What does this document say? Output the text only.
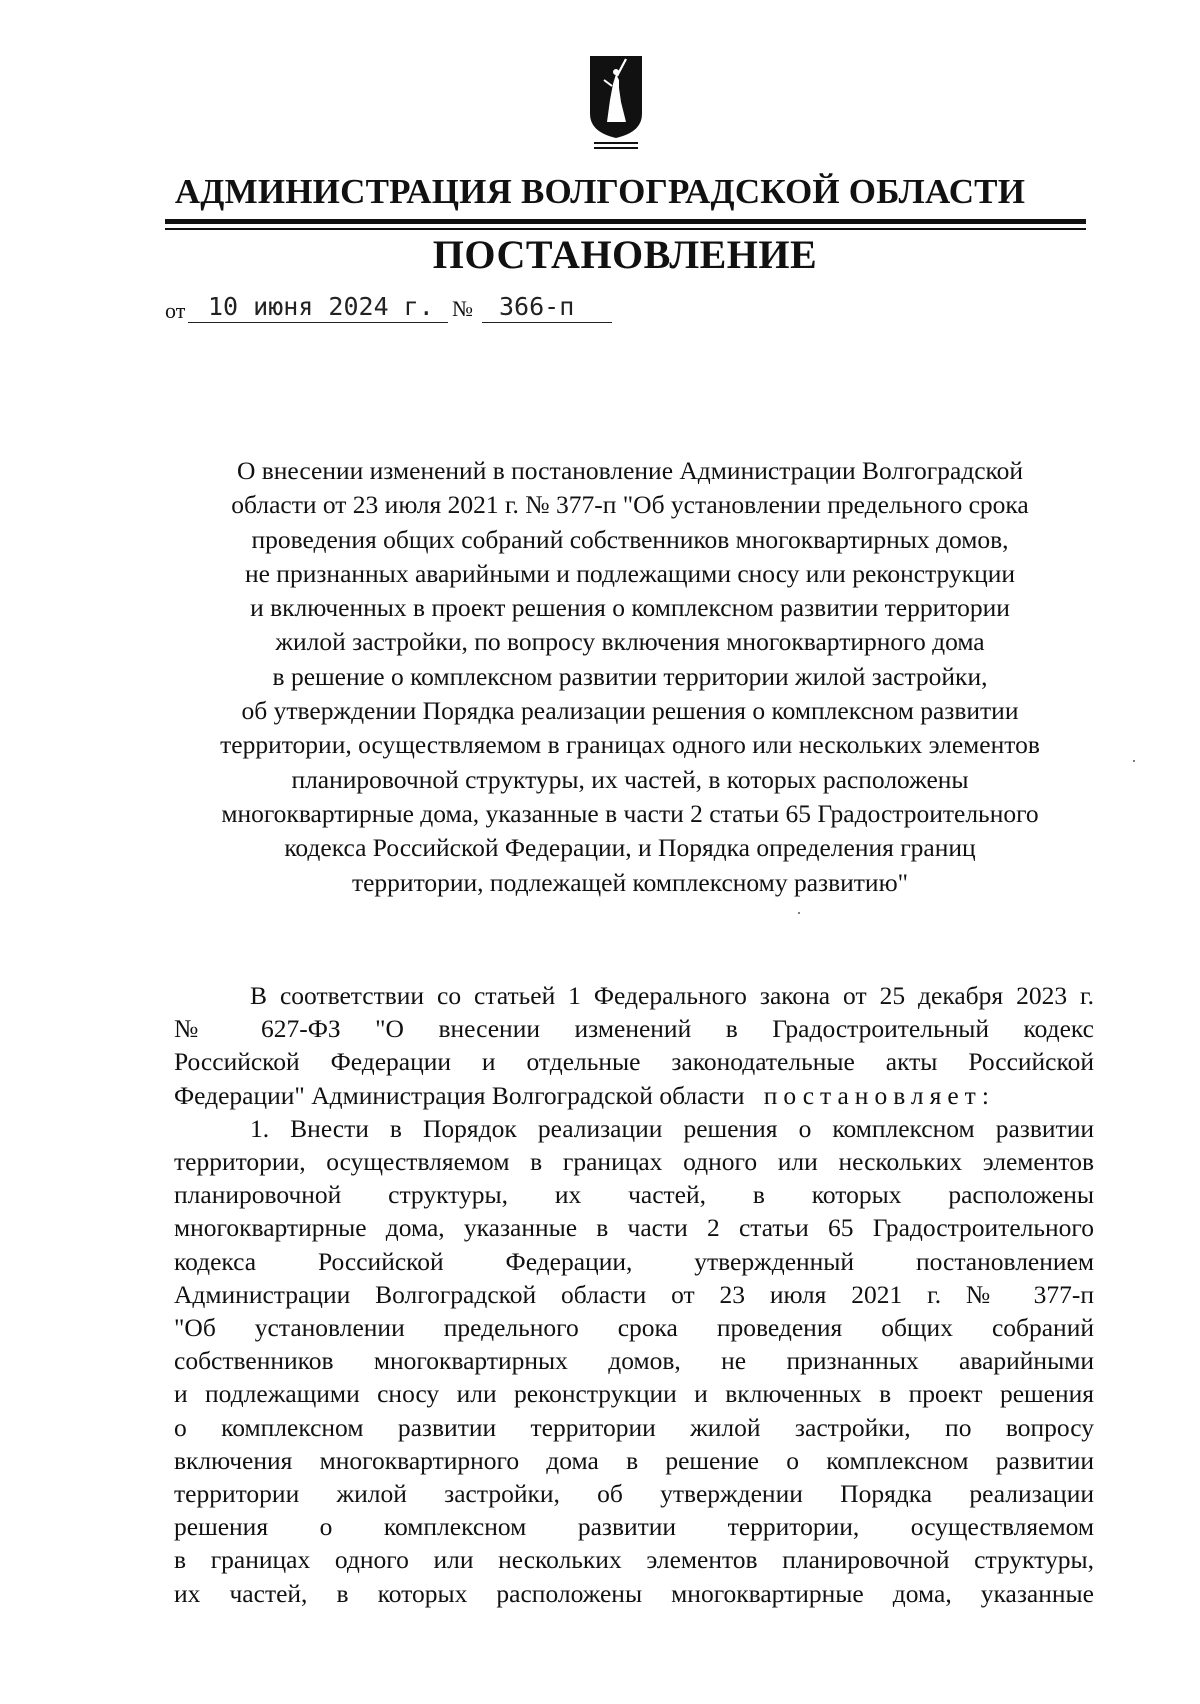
АДМИНИСТРАЦИЯ ВОЛГОГРАДСКОЙ ОБЛАСТИ
ПОСТАНОВЛЕНИЕ
от 10 июня 2024 г. № 366-п
О внесении изменений в постановление Администрации Волгоградской
области от 23 июля 2021 г. № 377-п "Об установлении предельного срока
проведения общих собраний собственников многоквартирных домов,
не признанных аварийными и подлежащими сносу или реконструкции
и включенных в проект решения о комплексном развитии территории
жилой застройки, по вопросу включения многоквартирного дома
в решение о комплексном развитии территории жилой застройки,
об утверждении Порядка реализации решения о комплексном развитии
территории, осуществляемом в границах одного или нескольких элементов
планировочной структуры, их частей, в которых расположены
многоквартирные дома, указанные в части 2 статьи 65 Градостроительного
кодекса Российской Федерации, и Порядка определения границ
территории, подлежащей комплексному развитию"
В соответствии со статьей 1 Федерального закона от 25 декабря 2023 г.
№ 627-ФЗ "О внесении изменений в Градостроительный кодекс
Российской Федерации и отдельные законодательные акты Российской
Федерации" Администрация Волгоградской области постановляет:
1. Внести в Порядок реализации решения о комплексном развитии
территории, осуществляемом в границах одного или нескольких элементов
планировочной структуры, их частей, в которых расположены
многоквартирные дома, указанные в части 2 статьи 65 Градостроительного
кодекса Российской Федерации, утвержденный постановлением
Администрации Волгоградской области от 23 июля 2021 г. № 377-п
"Об установлении предельного срока проведения общих собраний
собственников многоквартирных домов, не признанных аварийными
и подлежащими сносу или реконструкции и включенных в проект решения
о комплексном развитии территории жилой застройки, по вопросу
включения многоквартирного дома в решение о комплексном развитии
территории жилой застройки, об утверждении Порядка реализации
решения о комплексном развитии территории, осуществляемом
в границах одного или нескольких элементов планировочной структуры,
их частей, в которых расположены многоквартирные дома, указанные
